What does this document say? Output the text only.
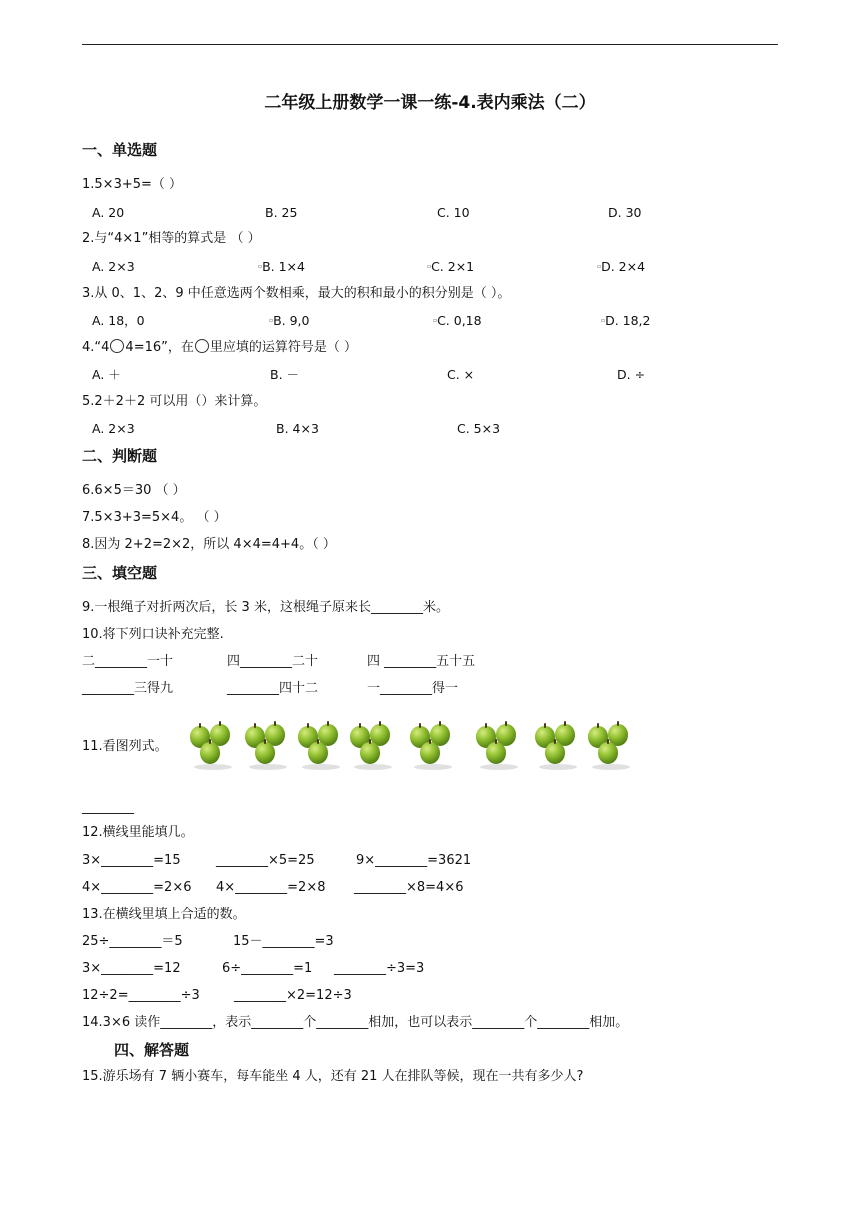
二年级上册数学一课一练-4.表内乘法（二）
一、单选题
1.5×3+5=（ ）
A. 20	B. 25	C. 10	D. 30
2.与“4×1”相等的算式是 （ ）
A. 2×3	▫B. 1×4	▫C. 2×1	▫D. 2×4
3.从 0、1、2、9 中任意选两个数相乘，最大的积和最小的积分别是（ ）。
A. 18，0	▫B. 9,0	▫C. 0,18	▫D. 18,2
4.“4 4=16”，在 里应填的运算符号是（ ）
A. ＋	B. －	C. ×	D. ÷
5.2＋2＋2 可以用（）来计算。
A. 2×3	B. 4×3	C. 5×3
二、判断题
6.6×5＝30 （ ）
7.5×3+3=5×4。 （ ）
8.因为 2+2=2×2，所以 4×4=4+4。（ ）
三、填空题
9.一根绳子对折两次后，长 3 米，这根绳子原来长________米。
10.将下列口诀补充完整.
二________一十	四________二十	四 ________五十五
________三得九	________四十二	一________得一
11.看图列式。
________
12.横线里能填几。
3×________=15	________×5=25	9×________=3621
4×________=2×6 4×________=2×8 ________×8=4×6
13.在横线里填上合适的数。
25÷________＝5	15－________=3
3×________=12	6÷________=1 ________÷3=3
12÷2=________÷3	________×2=12÷3
14.3×6 读作________，表示________个________相加，也可以表示________个________相加。
四、解答题
15.游乐场有 7 辆小赛车，每车能坐 4 人，还有 21 人在排队等候，现在一共有多少人?
